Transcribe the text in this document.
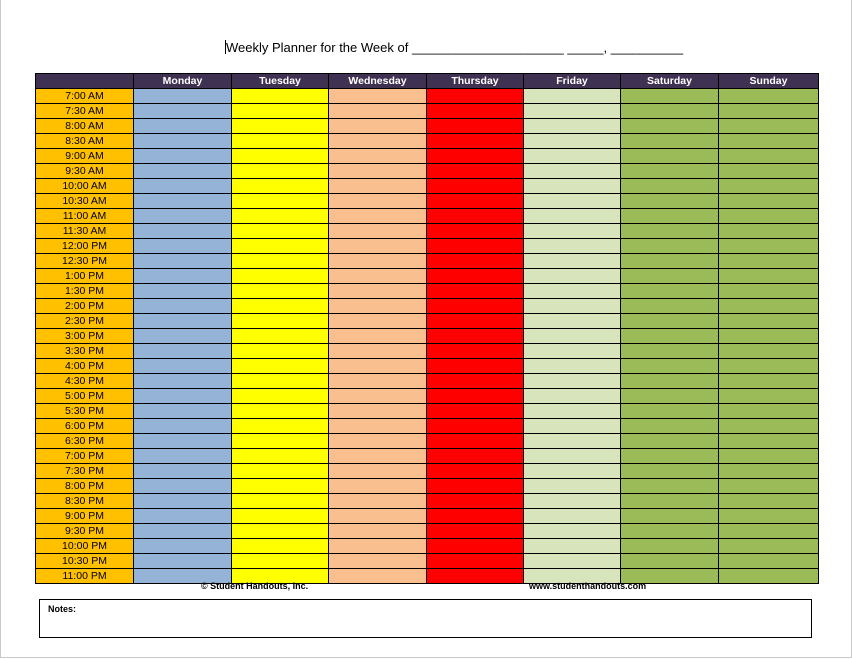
Weekly Planner for the Week of _____________________ _____, __________
	Monday	Tuesday	Wednesday	Thursday	Friday	Saturday	Sunday
7:00 AM							
7:30 AM							
8:00 AM							
8:30 AM							
9:00 AM							
9:30 AM							
10:00 AM							
10:30 AM							
11:00 AM							
11:30 AM							
12:00 PM							
12:30 PM							
1:00 PM							
1:30 PM							
2:00 PM							
2:30 PM							
3:00 PM							
3:30 PM							
4:00 PM							
4:30 PM							
5:00 PM							
5:30 PM							
6:00 PM							
6:30 PM							
7:00 PM							
7:30 PM							
8:00 PM							
8:30 PM							
9:00 PM							
9:30 PM							
10:00 PM							
10:30 PM							
11:00 PM							
© Student Handouts, Inc.	www.studenthandouts.com
Notes:
